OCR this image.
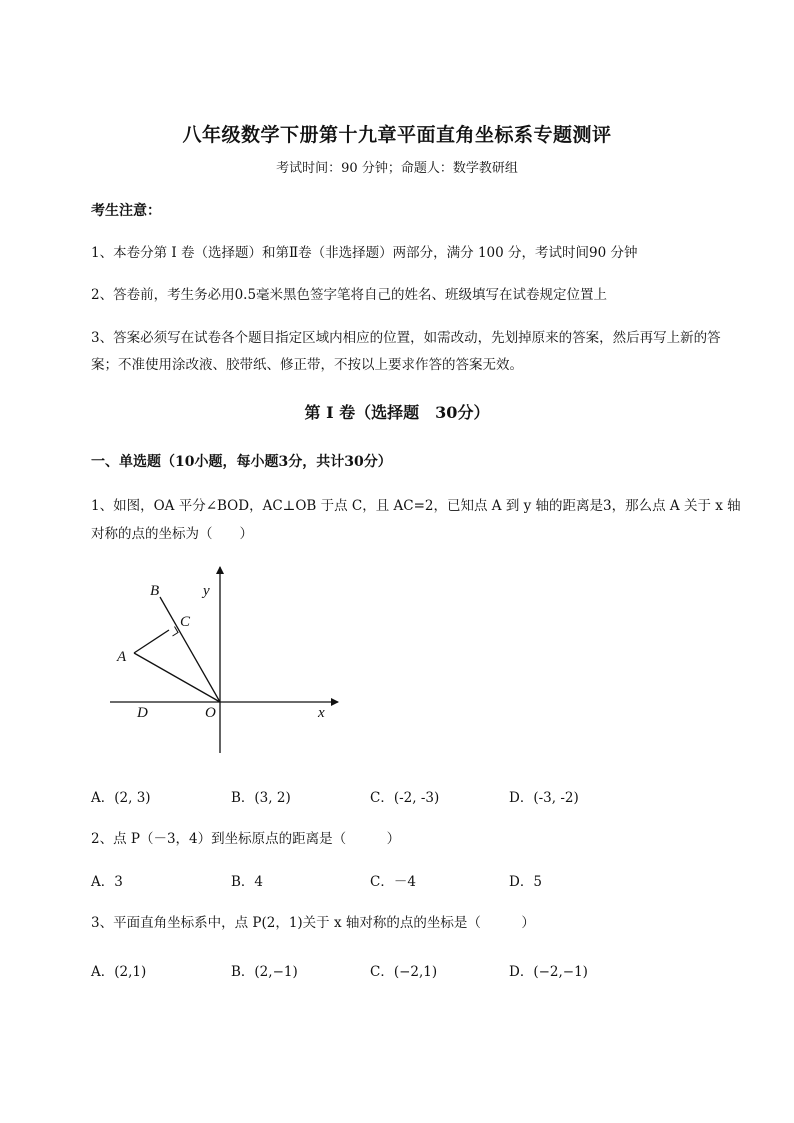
八年级数学下册第十九章平面直角坐标系专题测评
考试时间：90 分钟；命题人：数学教研组
考生注意：
1、本卷分第 I 卷（选择题）和第Ⅱ卷（非选择题）两部分，满分 100 分，考试时间90 分钟
2、答卷前，考生务必用0.5毫米黑色签字笔将自己的姓名、班级填写在试卷规定位置上
3、答案必须写在试卷各个题目指定区域内相应的位置，如需改动，先划掉原来的答案，然后再写上新的答案；不准使用涂改液、胶带纸、修正带，不按以上要求作答的答案无效。
第 I 卷（选择题　30分）
一、单选题（10小题，每小题3分，共计30分）
1、如图，OA 平分∠BOD，AC⊥OB 于点 C，且 AC=2，已知点 A 到 y 轴的距离是3，那么点 A 关于 x 轴对称的点的坐标为（　　）
B	y
C
A
D	O	x
A．(2, 3)	B．(3, 2)	C．(-2, -3)	D．(-3, -2)
2、点 P（－3，4）到坐标原点的距离是（　　　）
A．3	B．4	C．－4	D．5
3、平面直角坐标系中，点 P(2，1)关于 x 轴对称的点的坐标是（　　　）
A．(2,1)	B．(2,−1)	C．(−2,1)	D．(−2,−1)
